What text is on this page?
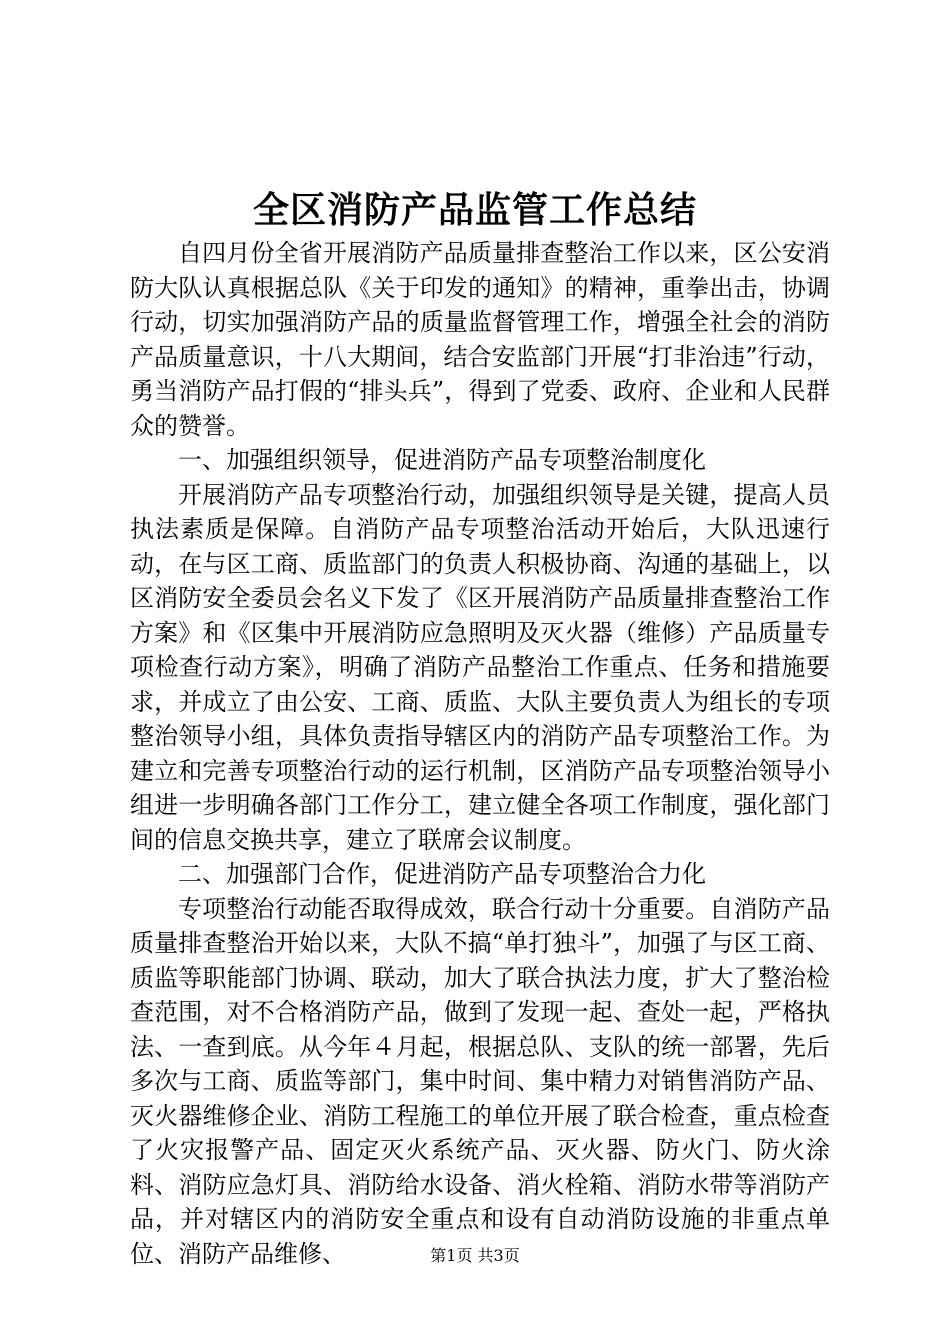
全区消防产品监管工作总结

自四月份全省开展消防产品质量排查整治工作以来，区公安消防大队认真根据总队《关于印发的通知》的精神，重拳出击，协调行动，切实加强消防产品的质量监督管理工作，增强全社会的消防产品质量意识，十八大期间，结合安监部门开展“打非治违”行动，勇当消防产品打假的“排头兵”，得到了党委、政府、企业和人民群众的赞誉。

一、加强组织领导，促进消防产品专项整治制度化

开展消防产品专项整治行动，加强组织领导是关键，提高人员执法素质是保障。自消防产品专项整治活动开始后，大队迅速行动，在与区工商、质监部门的负责人积极协商、沟通的基础上，以区消防安全委员会名义下发了《区开展消防产品质量排查整治工作方案》和《区集中开展消防应急照明及灭火器（维修）产品质量专项检查行动方案》，明确了消防产品整治工作重点、任务和措施要求，并成立了由公安、工商、质监、大队主要负责人为组长的专项整治领导小组，具体负责指导辖区内的消防产品专项整治工作。为建立和完善专项整治行动的运行机制，区消防产品专项整治领导小组进一步明确各部门工作分工，建立健全各项工作制度，强化部门间的信息交换共享，建立了联席会议制度。

二、加强部门合作，促进消防产品专项整治合力化

专项整治行动能否取得成效，联合行动十分重要。自消防产品质量排查整治开始以来，大队不搞“单打独斗”，加强了与区工商、质监等职能部门协调、联动，加大了联合执法力度，扩大了整治检查范围，对不合格消防产品，做到了发现一起、查处一起，严格执法、一查到底。从今年４月起，根据总队、支队的统一部署，先后多次与工商、质监等部门，集中时间、集中精力对销售消防产品、灭火器维修企业、消防工程施工的单位开展了联合检查，重点检查了火灾报警产品、固定灭火系统产品、灭火器、防火门、防火涂料、消防应急灯具、消防给水设备、消火栓箱、消防水带等消防产品，并对辖区内的消防安全重点和设有自动消防设施的非重点单位、消防产品维修、	第1页 共3页
